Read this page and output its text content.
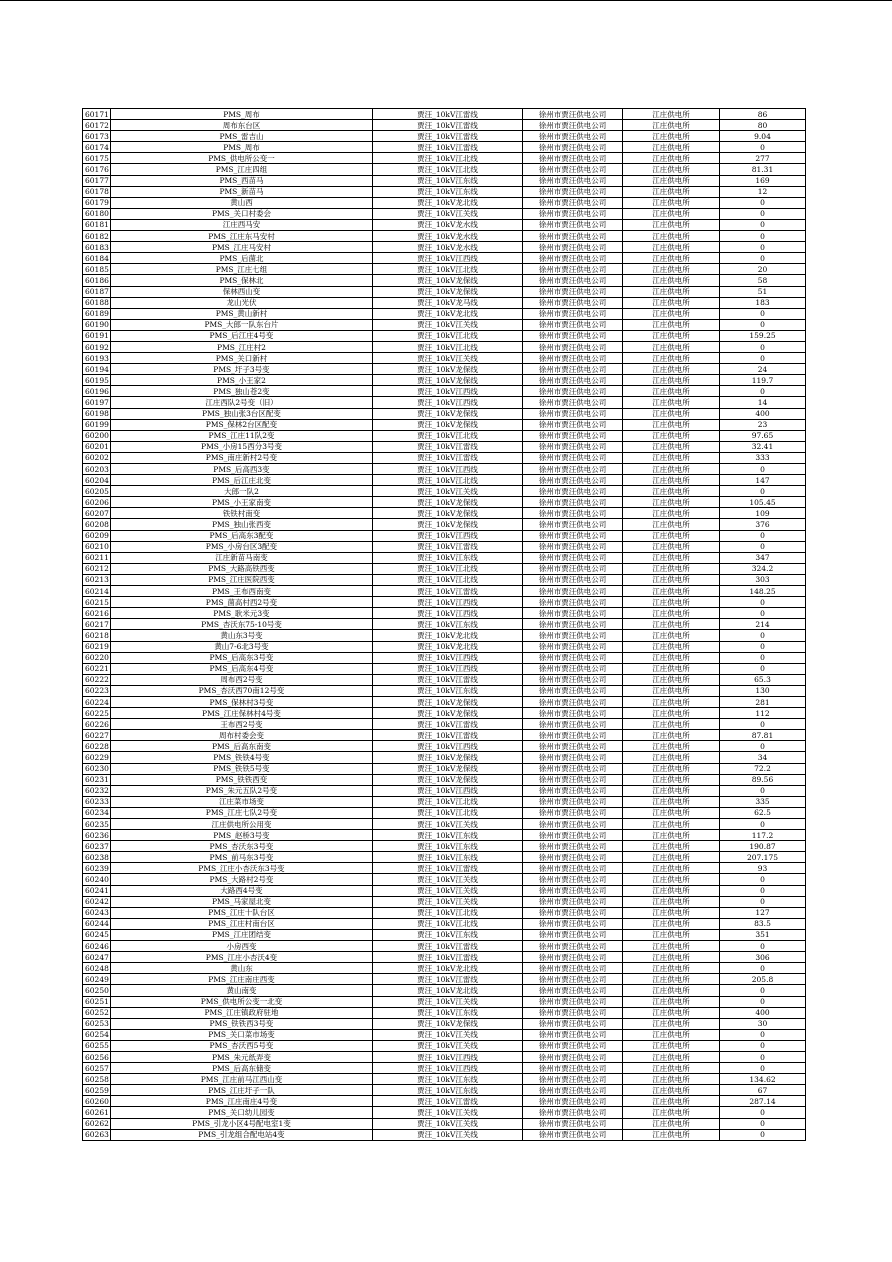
60171	PMS_周布	贾汪_10kV江雷线	徐州市贾汪供电公司	江庄供电所	86
60172	周布东台区	贾汪_10kV江雷线	徐州市贾汪供电公司	江庄供电所	80
60173	PMS_雷吉山	贾汪_10kV江雷线	徐州市贾汪供电公司	江庄供电所	9.04
60174	PMS_周布	贾汪_10kV江雷线	徐州市贾汪供电公司	江庄供电所	0
60175	PMS_供电所公变一	贾汪_10kV江北线	徐州市贾汪供电公司	江庄供电所	277
60176	PMS_江庄四组	贾汪_10kV江北线	徐州市贾汪供电公司	江庄供电所	81.31
60177	PMS_西苗马	贾汪_10kV江东线	徐州市贾汪供电公司	江庄供电所	169
60178	PMS_新苗马	贾汪_10kV江东线	徐州市贾汪供电公司	江庄供电所	12
60179	黄山西	贾汪_10kV龙北线	徐州市贾汪供电公司	江庄供电所	0
60180	PMS_关口村委会	贾汪_10kV江关线	徐州市贾汪供电公司	江庄供电所	0
60181	江庄西马安	贾汪_10kV龙水线	徐州市贾汪供电公司	江庄供电所	0
60182	PMS_江庄东马安村	贾汪_10kV龙水线	徐州市贾汪供电公司	江庄供电所	0
60183	PMS_江庄马安村	贾汪_10kV龙水线	徐州市贾汪供电公司	江庄供电所	0
60184	PMS_后菌北	贾汪_10kV江西线	徐州市贾汪供电公司	江庄供电所	0
60185	PMS_江庄七组	贾汪_10kV江北线	徐州市贾汪供电公司	江庄供电所	20
60186	PMS_保林北	贾汪_10kV龙保线	徐州市贾汪供电公司	江庄供电所	58
60187	保林西山变	贾汪_10kV龙保线	徐州市贾汪供电公司	江庄供电所	51
60188	龙山光伏	贾汪_10kV龙马线	徐州市贾汪供电公司	江庄供电所	183
60189	PMS_黄山新村	贾汪_10kV龙北线	徐州市贾汪供电公司	江庄供电所	0
60190	PMS_大郎一队东台片	贾汪_10kV江关线	徐州市贾汪供电公司	江庄供电所	0
60191	PMS_后江庄4号变	贾汪_10kV江北线	徐州市贾汪供电公司	江庄供电所	159.25
60192	PMS_江庄村2	贾汪_10kV江北线	徐州市贾汪供电公司	江庄供电所	0
60193	PMS_关口新村	贾汪_10kV江关线	徐州市贾汪供电公司	江庄供电所	0
60194	PMS_圩子3号变	贾汪_10kV龙保线	徐州市贾汪供电公司	江庄供电所	24
60195	PMS_小王家2	贾汪_10kV龙保线	徐州市贾汪供电公司	江庄供电所	119.7
60196	PMS_独山苍2变	贾汪_10kV江西线	徐州市贾汪供电公司	江庄供电所	0
60197	江庄西队2号变（旧）	贾汪_10kV江西线	徐州市贾汪供电公司	江庄供电所	14
60198	PMS_独山张3台区配变	贾汪_10kV龙保线	徐州市贾汪供电公司	江庄供电所	400
60199	PMS_保林2台区配变	贾汪_10kV龙保线	徐州市贾汪供电公司	江庄供电所	23
60200	PMS_江庄11队2变	贾汪_10kV江北线	徐州市贾汪供电公司	江庄供电所	97.65
60201	PMS_小房15西分3号变	贾汪_10kV江雷线	徐州市贾汪供电公司	江庄供电所	32.41
60202	PMS_南庄新村2号变	贾汪_10kV江雷线	徐州市贾汪供电公司	江庄供电所	333
60203	PMS_后高西3变	贾汪_10kV江西线	徐州市贾汪供电公司	江庄供电所	0
60204	PMS_后江庄北变	贾汪_10kV江北线	徐州市贾汪供电公司	江庄供电所	147
60205	大郎一队2	贾汪_10kV江关线	徐州市贾汪供电公司	江庄供电所	0
60206	PMS_小王家南变	贾汪_10kV龙保线	徐州市贾汪供电公司	江庄供电所	105.45
60207	铁铁村南变	贾汪_10kV龙保线	徐州市贾汪供电公司	江庄供电所	109
60208	PMS_独山张西变	贾汪_10kV龙保线	徐州市贾汪供电公司	江庄供电所	376
60209	PMS_后高东3配变	贾汪_10kV江西线	徐州市贾汪供电公司	江庄供电所	0
60210	PMS_小房台区3配变	贾汪_10kV江雷线	徐州市贾汪供电公司	江庄供电所	0
60211	江庄新苗马南变	贾汪_10kV江东线	徐州市贾汪供电公司	江庄供电所	347
60212	PMS_大路高铁西变	贾汪_10kV江北线	徐州市贾汪供电公司	江庄供电所	324.2
60213	PMS_江庄医院西变	贾汪_10kV江北线	徐州市贾汪供电公司	江庄供电所	303
60214	PMS_王布西南变	贾汪_10kV江雷线	徐州市贾汪供电公司	江庄供电所	148.25
60215	PMS_菌高村西2号变	贾汪_10kV江西线	徐州市贾汪供电公司	江庄供电所	0
60216	PMS_耿米元3变	贾汪_10kV江西线	徐州市贾汪供电公司	江庄供电所	0
60217	PMS_杏沃东75-10号变	贾汪_10kV江东线	徐州市贾汪供电公司	江庄供电所	214
60218	黄山东3号变	贾汪_10kV龙北线	徐州市贾汪供电公司	江庄供电所	0
60219	黄山7-6北3号变	贾汪_10kV龙北线	徐州市贾汪供电公司	江庄供电所	0
60220	PMS_后高东3号变	贾汪_10kV江西线	徐州市贾汪供电公司	江庄供电所	0
60221	PMS_后高东4号变	贾汪_10kV江西线	徐州市贾汪供电公司	江庄供电所	0
60222	周布西2号变	贾汪_10kV江雷线	徐州市贾汪供电公司	江庄供电所	65.3
60223	PMS_杏沃西70南12号变	贾汪_10kV江东线	徐州市贾汪供电公司	江庄供电所	130
60224	PMS_保林村3号变	贾汪_10kV龙保线	徐州市贾汪供电公司	江庄供电所	281
60225	PMS_江庄保林村4号变	贾汪_10kV龙保线	徐州市贾汪供电公司	江庄供电所	112
60226	王布西2号变	贾汪_10kV江雷线	徐州市贾汪供电公司	江庄供电所	0
60227	周布村委会变	贾汪_10kV江雷线	徐州市贾汪供电公司	江庄供电所	87.81
60228	PMS_后高东南变	贾汪_10kV江西线	徐州市贾汪供电公司	江庄供电所	0
60229	PMS_铁铁4号变	贾汪_10kV龙保线	徐州市贾汪供电公司	江庄供电所	34
60230	PMS_铁铁5号变	贾汪_10kV龙保线	徐州市贾汪供电公司	江庄供电所	72.2
60231	PMS_铁铁西变	贾汪_10kV龙保线	徐州市贾汪供电公司	江庄供电所	89.56
60232	PMS_朱元五队2号变	贾汪_10kV江西线	徐州市贾汪供电公司	江庄供电所	0
60233	江庄菜市场变	贾汪_10kV江北线	徐州市贾汪供电公司	江庄供电所	335
60234	PMS_江庄七队2号变	贾汪_10kV江北线	徐州市贾汪供电公司	江庄供电所	62.5
60235	江庄供电所公用变	贾汪_10kV江关线	徐州市贾汪供电公司	江庄供电所	0
60236	PMS_赵桥3号变	贾汪_10kV江东线	徐州市贾汪供电公司	江庄供电所	117.2
60237	PMS_杏沃东3号变	贾汪_10kV江东线	徐州市贾汪供电公司	江庄供电所	190.87
60238	PMS_前马东3号变	贾汪_10kV江东线	徐州市贾汪供电公司	江庄供电所	207.175
60239	PMS_江庄小杏沃东3号变	贾汪_10kV江雷线	徐州市贾汪供电公司	江庄供电所	93
60240	PMS_大路村2号变	贾汪_10kV江关线	徐州市贾汪供电公司	江庄供电所	0
60241	大路西4号变	贾汪_10kV江关线	徐州市贾汪供电公司	江庄供电所	0
60242	PMS_马家屋北变	贾汪_10kV江关线	徐州市贾汪供电公司	江庄供电所	0
60243	PMS_江庄十队台区	贾汪_10kV江北线	徐州市贾汪供电公司	江庄供电所	127
60244	PMS_江庄村南台区	贾汪_10kV江北线	徐州市贾汪供电公司	江庄供电所	83.5
60245	PMS_江庄团结变	贾汪_10kV江东线	徐州市贾汪供电公司	江庄供电所	351
60246	小房西变	贾汪_10kV江雷线	徐州市贾汪供电公司	江庄供电所	0
60247	PMS_江庄小杏沃4变	贾汪_10kV江雷线	徐州市贾汪供电公司	江庄供电所	306
60248	黄山东	贾汪_10kV龙北线	徐州市贾汪供电公司	江庄供电所	0
60249	PMS_江庄南庄西变	贾汪_10kV江雷线	徐州市贾汪供电公司	江庄供电所	205.8
60250	黄山南变	贾汪_10kV龙北线	徐州市贾汪供电公司	江庄供电所	0
60251	PMS_供电所公变一北变	贾汪_10kV江关线	徐州市贾汪供电公司	江庄供电所	0
60252	PMS_江庄镇政府驻地	贾汪_10kV江东线	徐州市贾汪供电公司	江庄供电所	400
60253	PMS_铁铁西3号变	贾汪_10kV龙保线	徐州市贾汪供电公司	江庄供电所	30
60254	PMS_关口菜市场变	贾汪_10kV江关线	徐州市贾汪供电公司	江庄供电所	0
60255	PMS_杏沃西5号变	贾汪_10kV江关线	徐州市贾汪供电公司	江庄供电所	0
60256	PMS_朱元纸弄变	贾汪_10kV江西线	徐州市贾汪供电公司	江庄供电所	0
60257	PMS_后高东储变	贾汪_10kV江西线	徐州市贾汪供电公司	江庄供电所	0
60258	PMS_江庄前马江西山变	贾汪_10kV江东线	徐州市贾汪供电公司	江庄供电所	134.62
60259	PMS_江庄圩子一队	贾汪_10kV江东线	徐州市贾汪供电公司	江庄供电所	67
60260	PMS_江庄南庄4号变	贾汪_10kV江雷线	徐州市贾汪供电公司	江庄供电所	287.14
60261	PMS_关口幼儿园变	贾汪_10kV江关线	徐州市贾汪供电公司	江庄供电所	0
60262	PMS_引龙小区4号配电室1变	贾汪_10kV江关线	徐州市贾汪供电公司	江庄供电所	0
60263	PMS_引龙组合配电站4变	贾汪_10kV江关线	徐州市贾汪供电公司	江庄供电所	0
